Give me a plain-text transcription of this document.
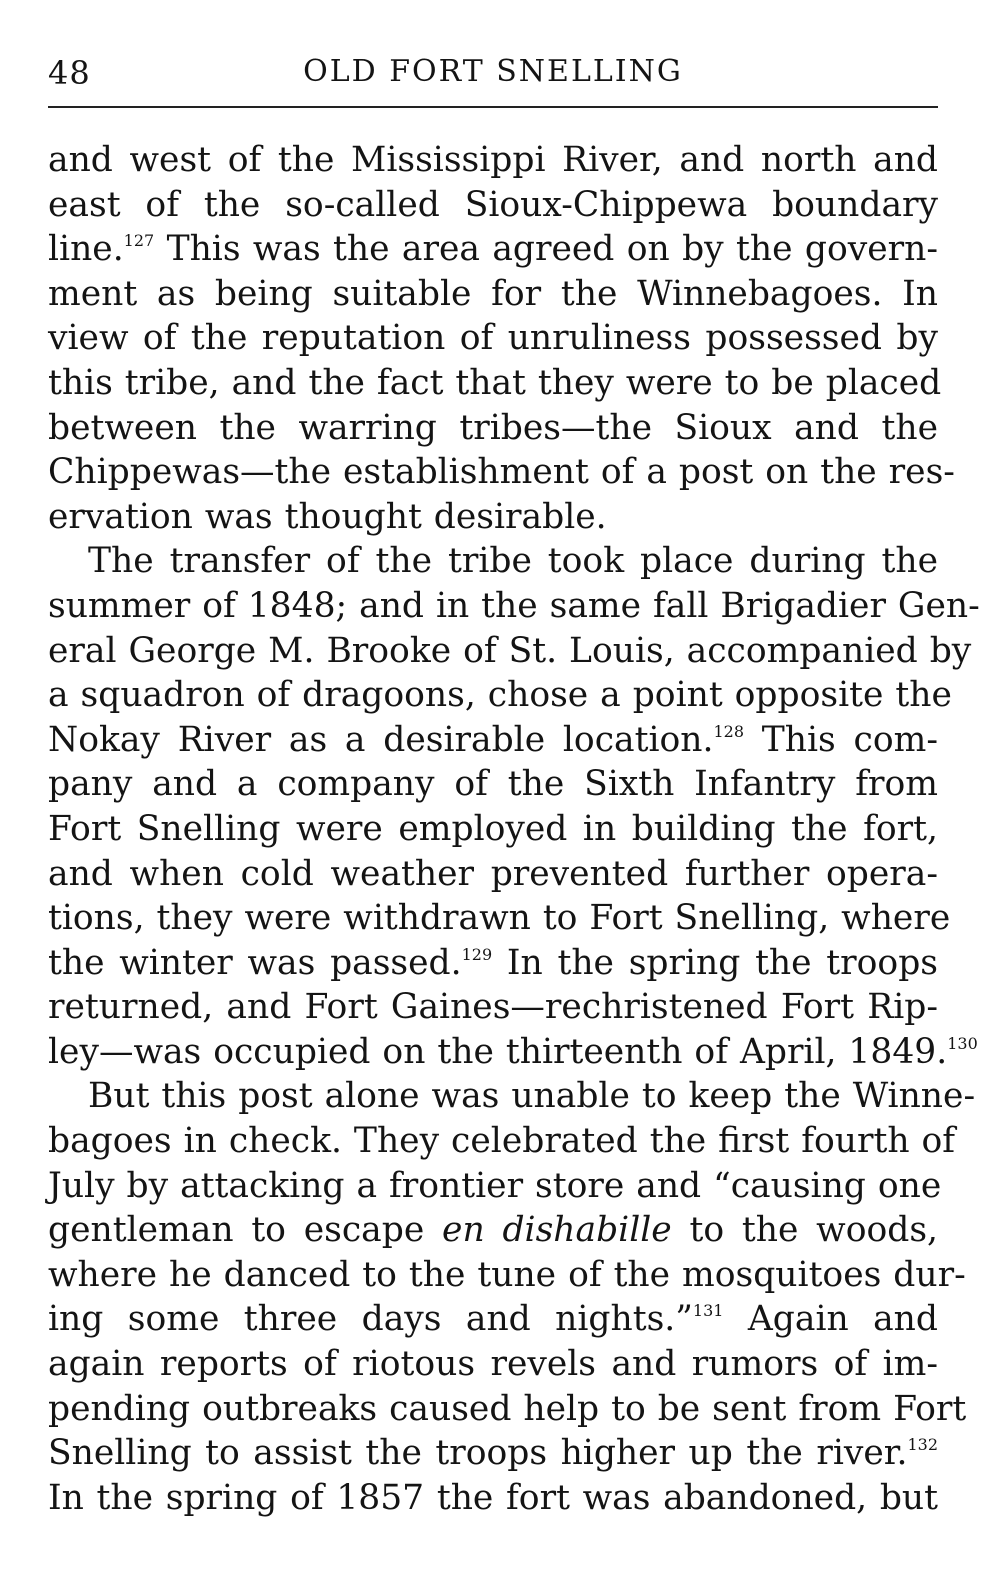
48	OLD FORT SNELLING
and west of the Mississippi River, and north and
east of the so-called Sioux-Chippewa boundary
line.$^{127}$ This was the area agreed on by the govern-
ment as being suitable for the Winnebagoes. In
view of the reputation of unruliness possessed by
this tribe, and the fact that they were to be placed
between the warring tribes—the Sioux and the
Chippewas—the establishment of a post on the res-
ervation was thought desirable.
The transfer of the tribe took place during the
summer of 1848; and in the same fall Brigadier Gen-
eral George M. Brooke of St. Louis, accompanied by
a squadron of dragoons, chose a point opposite the
Nokay River as a desirable location.$^{128}$ This com-
pany and a company of the Sixth Infantry from
Fort Snelling were employed in building the fort,
and when cold weather prevented further opera-
tions, they were withdrawn to Fort Snelling, where
the winter was passed.$^{129}$ In the spring the troops
returned, and Fort Gaines—rechristened Fort Rip-
ley—was occupied on the thirteenth of April, 1849.$^{130}$
But this post alone was unable to keep the Winne-
bagoes in check. They celebrated the first fourth of
July by attacking a frontier store and “causing one
gentleman to escape en dishabille to the woods,
where he danced to the tune of the mosquitoes dur-
ing some three days and nights.”$^{131}$ Again and
again reports of riotous revels and rumors of im-
pending outbreaks caused help to be sent from Fort
Snelling to assist the troops higher up the river.$^{132}$
In the spring of 1857 the fort was abandoned, but
